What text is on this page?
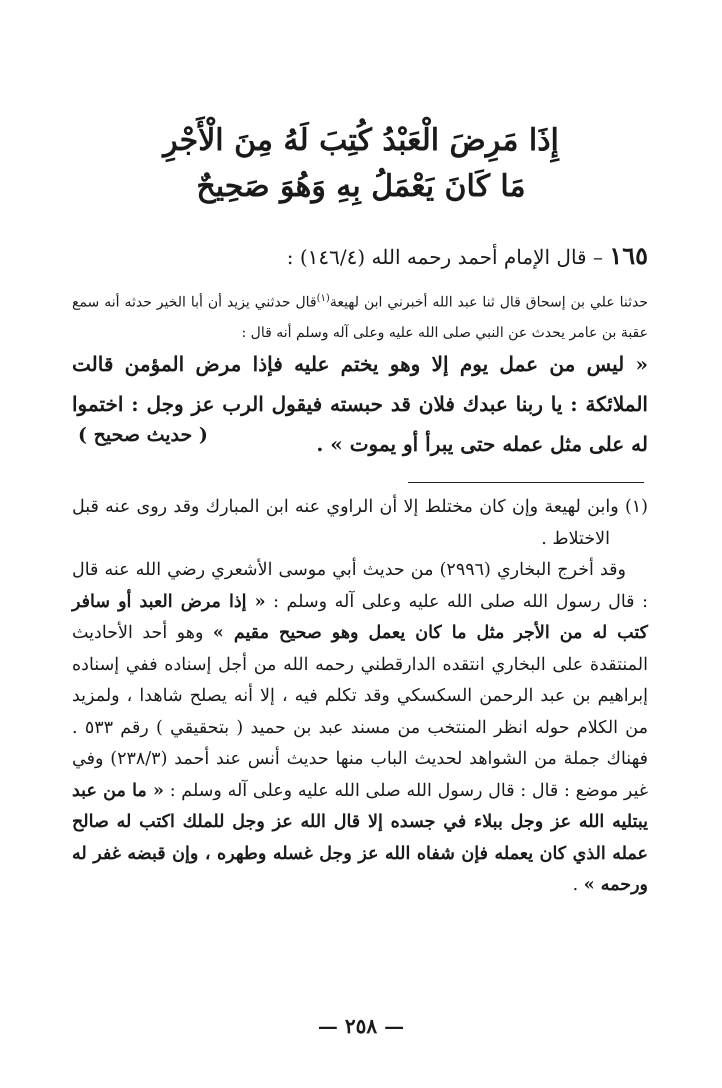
إِذَا مَرِضَ الْعَبْدُ كُتِبَ لَهُ مِنَ الْأَجْرِ
مَا كَانَ يَعْمَلُ بِهِ وَهُوَ صَحِيحٌ
١٦٥ – قال الإمام أحمد رحمه الله (١٤٦/٤) :
حدثنا علي بن إسحاق قال ثنا عبد الله أخبرني ابن لهيعة$^{(١)}$قال حدثني يزيد أن أبا الخير حدثه أنه سمع عقبة بن عامر يحدث عن النبي صلى الله عليه وعلى آله وسلم أنه قال :
« ليس من عمل يوم إلا وهو يختم عليه فإذا مرض المؤمن قالت الملائكة : يا ربنا عبدك فلان قد حبسته فيقول الرب عز وجل : اختموا له على مثل عمله حتى يبرأ أو يموت » .
( حديث صحيح )

(١) وابن لهيعة وإن كان مختلط إلا أن الراوي عنه ابن المبارك وقد روى عنه قبل الاختلاط .

وقد أخرج البخاري (٢٩٩٦) من حديث أبي موسى الأشعري رضي الله عنه قال : قال رسول الله صلى الله عليه وعلى آله وسلم : « إذا مرض العبد أو سافر كتب له من الأجر مثل ما كان يعمل وهو صحيح مقيم » وهو أحد الأحاديث المنتقدة على البخاري انتقده الدارقطني رحمه الله من أجل إسناده ففي إسناده إبراهيم بن عبد الرحمن السكسكي وقد تكلم فيه ، إلا أنه يصلح شاهدا ، ولمزيد من الكلام حوله انظر المنتخب من مسند عبد بن حميد ( بتحقيقي ) رقم ٥٣٣ . فهناك جملة من الشواهد لحديث الباب منها حديث أنس عند أحمد (٢٣٨/٣) وفي غير موضع : قال : قال رسول الله صلى الله عليه وعلى آله وسلم : « ما من عبد يبتليه الله عز وجل ببلاء في جسده إلا قال الله عز وجل للملك اكتب له صالح عمله الذي كان يعمله فإن شفاه الله عز وجل غسله وطهره ، وإن قبضه غفر له ورحمه » .

— ٢٥٨ —
